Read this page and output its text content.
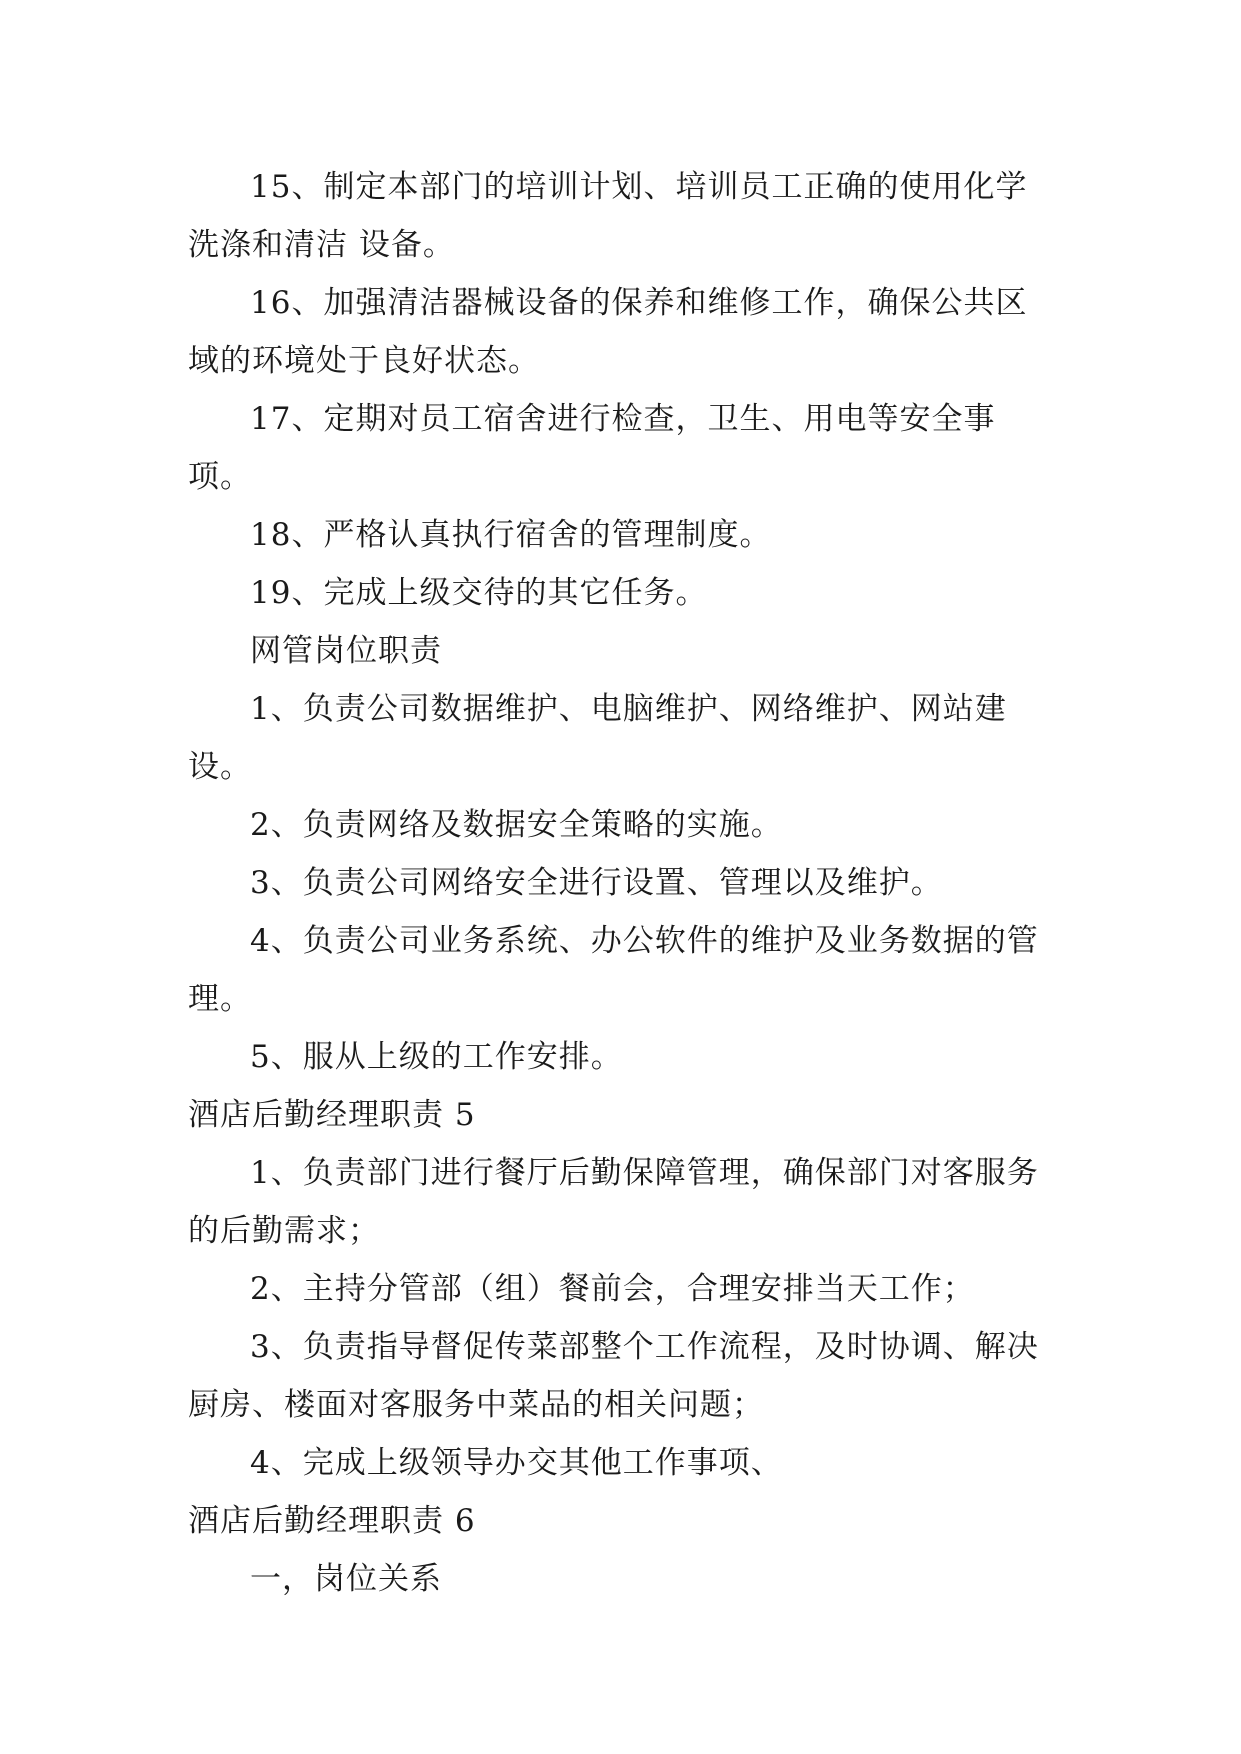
15、制定本部门的培训计划、培训员工正确的使用化学洗涤和清洁 设备。

16、加强清洁器械设备的保养和维修工作，确保公共区域的环境处于良好状态。

17、定期对员工宿舍进行检查，卫生、用电等安全事项。

18、严格认真执行宿舍的管理制度。

19、完成上级交待的其它任务。

网管岗位职责

1、负责公司数据维护、电脑维护、网络维护、网站建设。

2、负责网络及数据安全策略的实施。

3、负责公司网络安全进行设置、管理以及维护。

4、负责公司业务系统、办公软件的维护及业务数据的管理。

5、服从上级的工作安排。

酒店后勤经理职责 5

1、负责部门进行餐厅后勤保障管理，确保部门对客服务的后勤需求；

2、主持分管部（组）餐前会，合理安排当天工作；

3、负责指导督促传菜部整个工作流程，及时协调、解决厨房、楼面对客服务中菜品的相关问题；

4、完成上级领导办交其他工作事项、

酒店后勤经理职责 6

一，岗位关系
